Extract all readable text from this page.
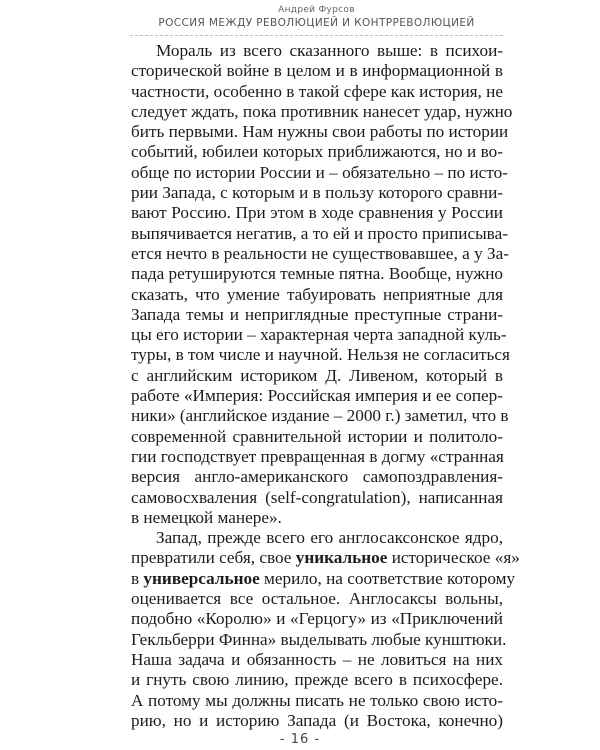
Андрей Фурсов
РОССИЯ МЕЖДУ РЕВОЛЮЦИЕЙ И КОНТРРЕВОЛЮЦИЕЙ
Мораль из всего сказанного выше: в психои-
сторической войне в целом и в информационной в
частности, особенно в такой сфере как история, не
следует ждать, пока противник нанесет удар, нужно
бить первыми. Нам нужны свои работы по истории
событий, юбилеи которых приближаются, но и во-
обще по истории России и – обязательно – по исто-
рии Запада, с которым и в пользу которого сравни-
вают Россию. При этом в ходе сравнения у России
выпячивается негатив, а то ей и просто приписыва-
ется нечто в реальности не существовавшее, а у За-
пада ретушируются темные пятна. Вообще, нужно
сказать, что умение табуировать неприятные для
Запада темы и неприглядные преступные страни-
цы его истории – характерная черта западной куль-
туры, в том числе и научной. Нельзя не согласиться
с английским историком Д. Ливеном, который в
работе «Империя: Российская империя и ее сопер-
ники» (английское издание – 2000 г.) заметил, что в
современной сравнительной истории и политоло-
гии господствует превращенная в догму «странная
версия англо-американского самопоздравления-
самовосхваления (self-congratulation), написанная
в немецкой манере».
Запад, прежде всего его англосаксонское ядро,
превратили себя, свое уникальное историческое «я»
в универсальное мерило, на соответствие которому
оценивается все остальное. Англосаксы вольны,
подобно «Королю» и «Герцогу» из «Приключений
Гекльберри Финна» выделывать любые кунштюки.
Наша задача и обязанность – не ловиться на них
и гнуть свою линию, прежде всего в психосфере.
А потому мы должны писать не только свою исто-
рию, но и историю Запада (и Востока, конечно)
- 16 -
